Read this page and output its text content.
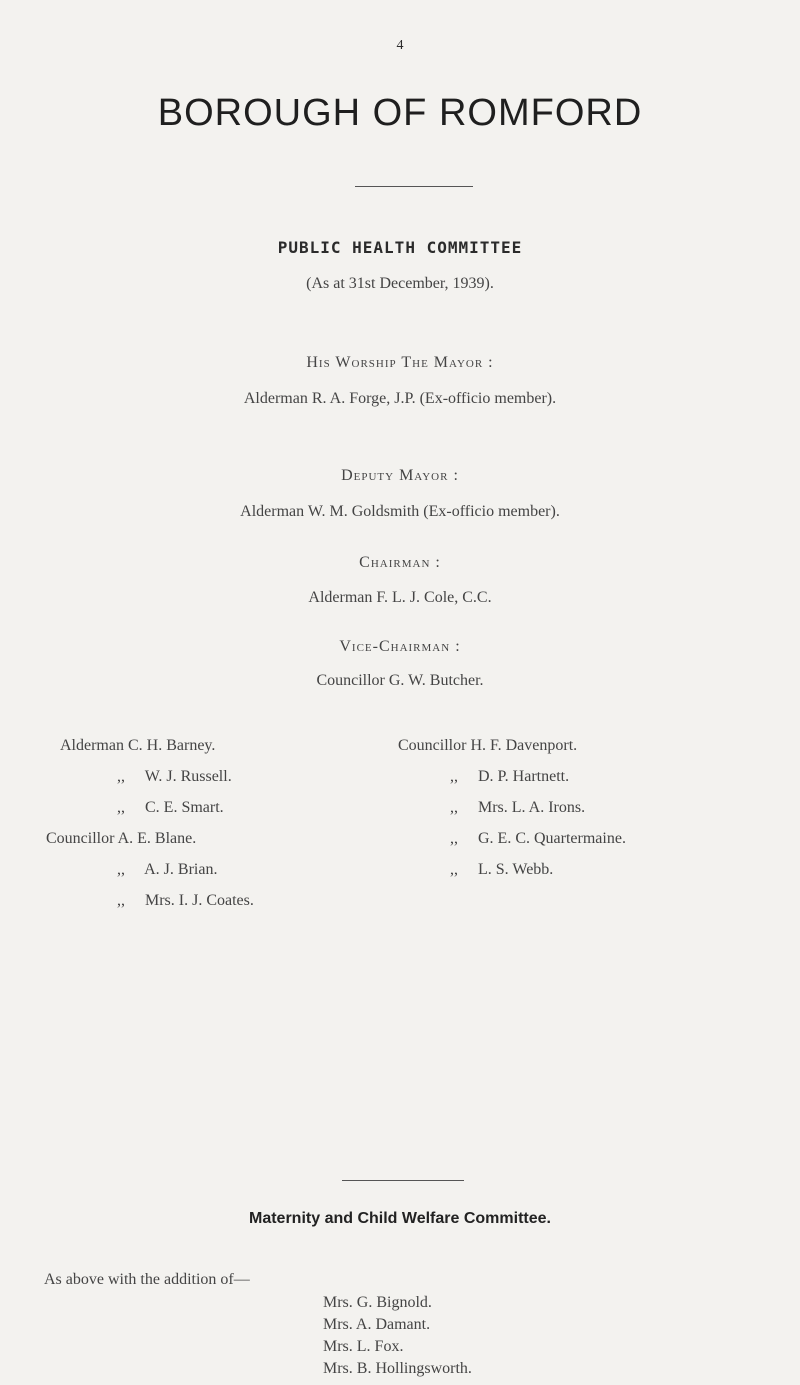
4
BOROUGH OF ROMFORD
PUBLIC HEALTH COMMITTEE
(As at 31st December, 1939).
His Worship The Mayor :
Alderman R. A. Forge, J.P. (Ex-officio member).
Deputy Mayor :
Alderman W. M. Goldsmith (Ex-officio member).
Chairman :
Alderman F. L. J. Cole, C.C.
Vice-Chairman :
Councillor G. W. Butcher.
Alderman C. H. Barney.
,, W. J. Russell.
,, C. E. Smart.
Councillor A. E. Blane.
,, A. J. Brian.
,, Mrs. I. J. Coates.
Councillor H. F. Davenport.
,, D. P. Hartnett.
,, Mrs. L. A. Irons.
,, G. E. C. Quartermaine.
,, L. S. Webb.
Maternity and Child Welfare Committee.
As above with the addition of—
Mrs. G. Bignold.
Mrs. A. Damant.
Mrs. L. Fox.
Mrs. B. Hollingsworth.
